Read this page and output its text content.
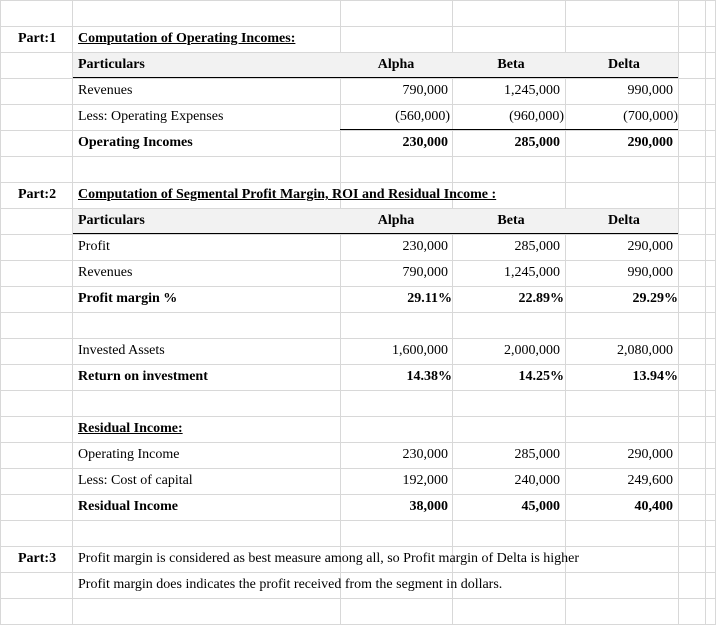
Part:1 Computation of Operating Incomes:
Particulars	Alpha	Beta	Delta
Revenues	790,000	1,245,000	990,000
Less: Operating Expenses	(560,000)	(960,000)	(700,000)
Operating Incomes	230,000	285,000	290,000
Part:2 Computation of Segmental Profit Margin, ROI and Residual Income :
Particulars	Alpha	Beta	Delta
Profit	230,000	285,000	290,000
Revenues	790,000	1,245,000	990,000
Profit margin %	29.11%	22.89%	29.29%
Invested Assets	1,600,000	2,000,000	2,080,000
Return on investment	14.38%	14.25%	13.94%
Residual Income:
Operating Income	230,000	285,000	290,000
Less: Cost of capital	192,000	240,000	249,600
Residual Income	38,000	45,000	40,400
Part:3 Profit margin is considered as best measure among all, so Profit margin of Delta is higher
Profit margin does indicates the profit received from the segment in dollars.
